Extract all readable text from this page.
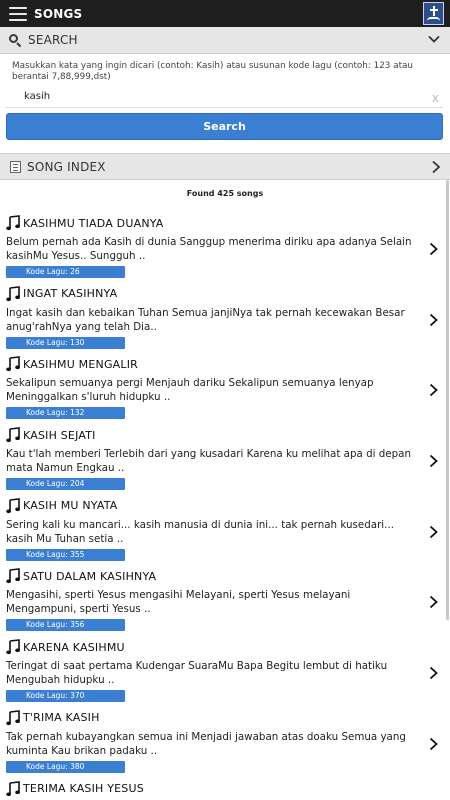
SONGS
SEARCH
Masukkan kata yang ingin dicari (contoh: Kasih) atau susunan kode lagu (contoh: 123 atau berantai 7,88,999,dst)
kasih
x
Search
SONG INDEX
Found 425 songs
KASIHMU TIADA DUANYA
Belum pernah ada Kasih di dunia Sanggup menerima diriku apa adanya Selain kasihMu Yesus.. Sungguh ..
Kode Lagu: 26
INGAT KASIHNYA
Ingat kasih dan kebaikan Tuhan Semua janjiNya tak pernah kecewakan Besar anug'rahNya yang telah Dia..
Kode Lagu: 130
KASIHMU MENGALIR
Sekalipun semuanya pergi Menjauh dariku Sekalipun semuanya lenyap Meninggalkan s'luruh hidupku ..
Kode Lagu: 132
KASIH SEJATI
Kau t'lah memberi Terlebih dari yang kusadari Karena ku melihat apa di depan mata Namun Engkau ..
Kode Lagu: 204
KASIH MU NYATA
Sering kali ku mancari... kasih manusia di dunia ini... tak pernah kusedari... kasih Mu Tuhan setia ..
Kode Lagu: 355
SATU DALAM KASIHNYA
Mengasihi, sperti Yesus mengasihi Melayani, sperti Yesus melayani Mengampuni, sperti Yesus ..
Kode Lagu: 356
KARENA KASIHMU
Teringat di saat pertama Kudengar SuaraMu Bapa Begitu lembut di hatiku Mengubah hidupku ..
Kode Lagu: 370
T'RIMA KASIH
Tak pernah kubayangkan semua ini Menjadi jawaban atas doaku Semua yang kuminta Kau brikan padaku ..
Kode Lagu: 380
TERIMA KASIH YESUS
